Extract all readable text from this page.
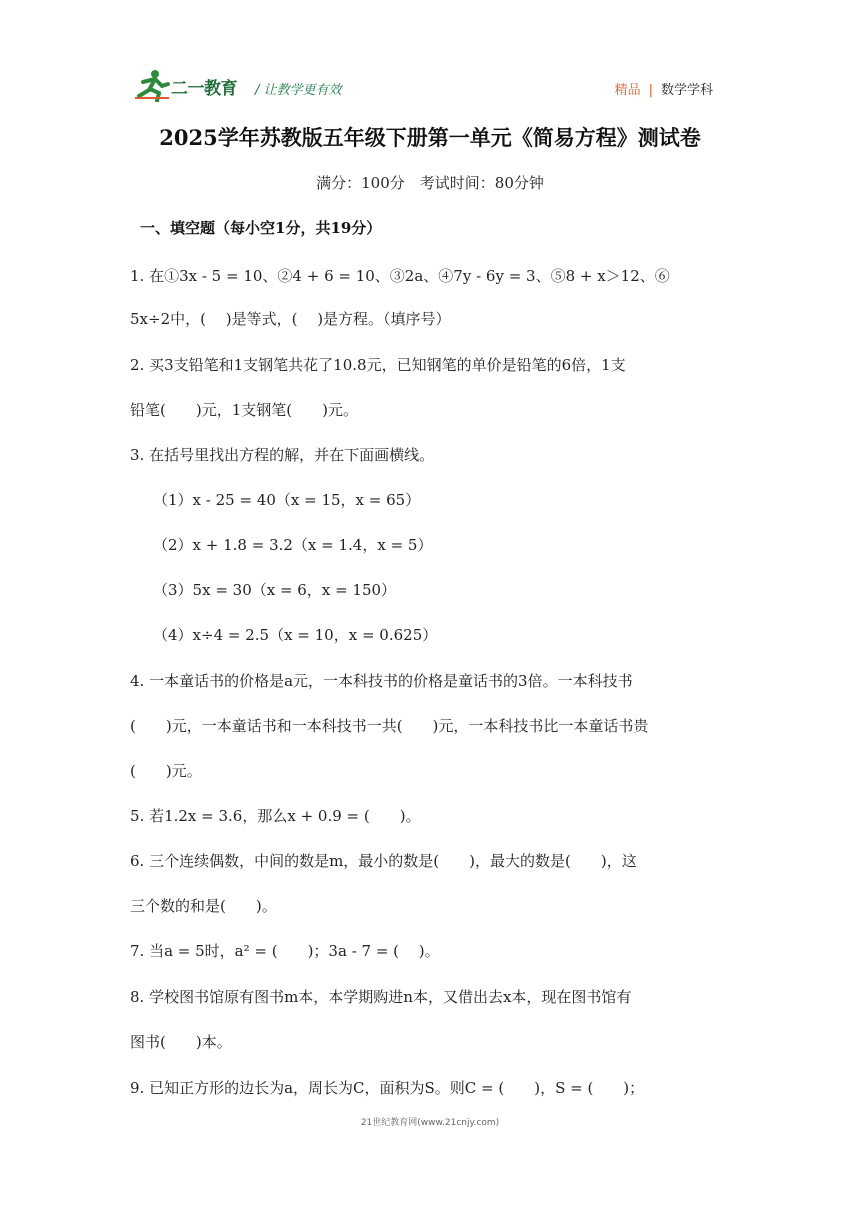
二一教育 / 让教学更有效	精品 | 数学学科
2025学年苏教版五年级下册第一单元《简易方程》测试卷
满分：100分　考试时间：80分钟
一、填空题（每小空1分，共19分）
1. 在①3x - 5 = 10、②4 + 6 = 10、③2a、④7y - 6y = 3、⑤8 + x＞12、⑥
5x÷2中，(　 )是等式，(　 )是方程。（填序号）
2. 买3支铅笔和1支钢笔共花了10.8元，已知钢笔的单价是铅笔的6倍，1支
铅笔(　　)元，1支钢笔(　　)元。
3. 在括号里找出方程的解，并在下面画横线。
（1）x - 25 = 40（x = 15，x = 65）
（2）x + 1.8 = 3.2（x = 1.4，x = 5）
（3）5x = 30（x = 6，x = 150）
（4）x÷4 = 2.5（x = 10，x = 0.625）
4. 一本童话书的价格是a元，一本科技书的价格是童话书的3倍。一本科技书
(　　)元，一本童话书和一本科技书一共(　　)元，一本科技书比一本童话书贵
(　　)元。
5. 若1.2x = 3.6，那么x + 0.9 = (　　)。
6. 三个连续偶数，中间的数是m，最小的数是(　　)，最大的数是(　　)，这
三个数的和是(　　)。
7. 当a = 5时，a² = (　　)；3a - 7 = (　 )。
8. 学校图书馆原有图书m本，本学期购进n本，又借出去x本，现在图书馆有
图书(　　)本。
9. 已知正方形的边长为a，周长为C，面积为S。则C = (　　)，S = (　　)；
21世纪教育网(www.21cnjy.com)
